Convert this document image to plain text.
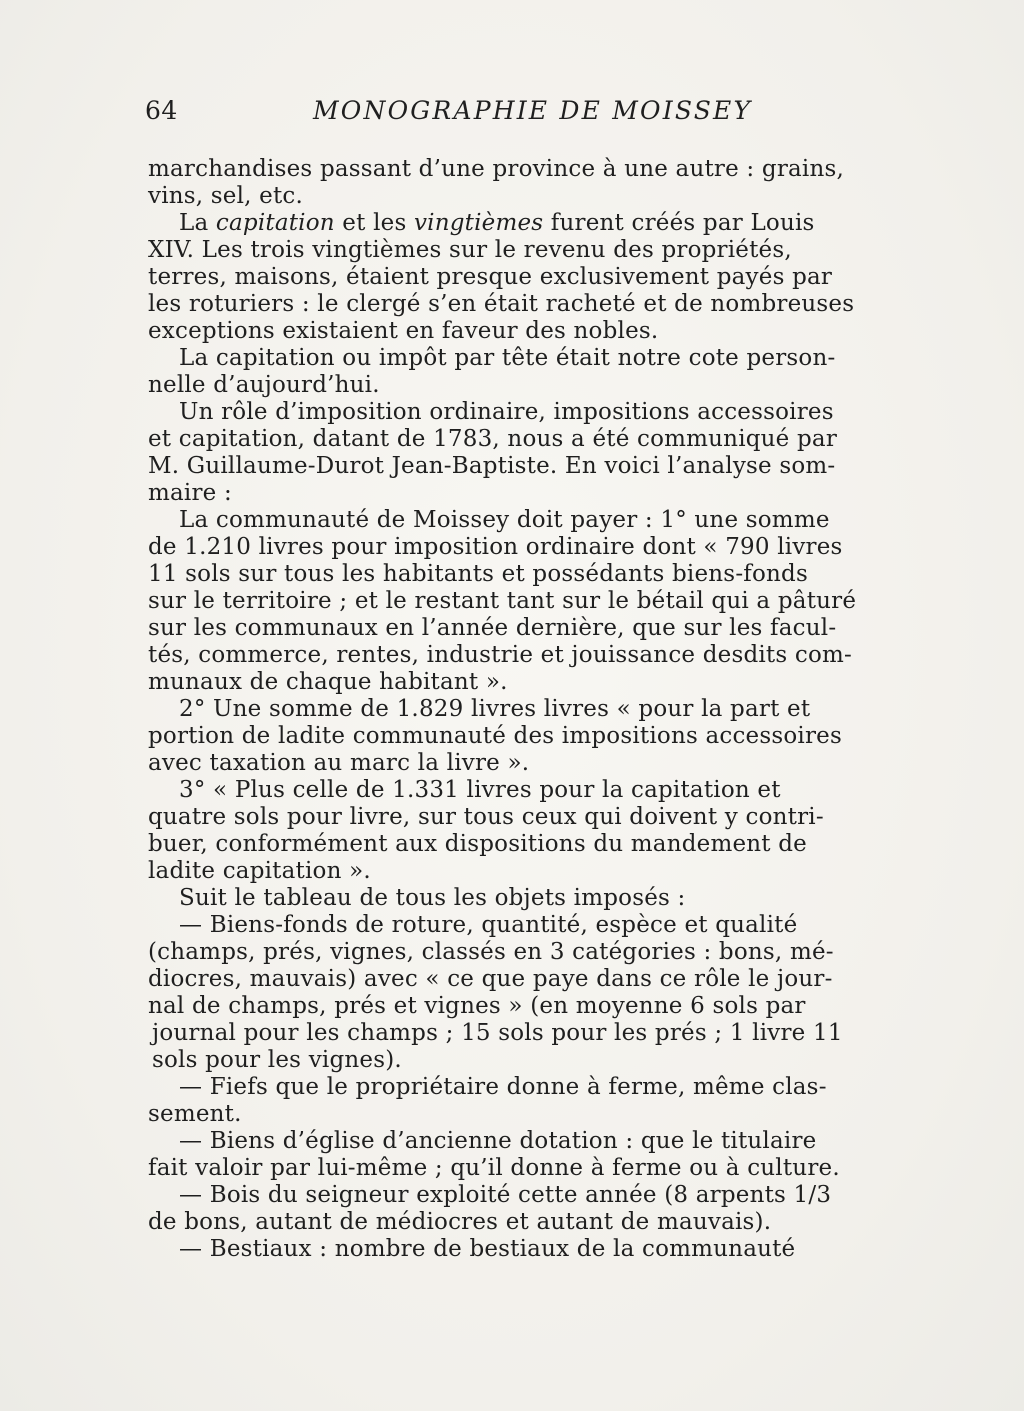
64	MONOGRAPHIE DE MOISSEY
marchandises passant d’une province à une autre : grains,
vins, sel, etc.
La capitation et les vingtièmes furent créés par Louis
XIV. Les trois vingtièmes sur le revenu des propriétés,
terres, maisons, étaient presque exclusivement payés par
les roturiers : le clergé s’en était racheté et de nombreuses
exceptions existaient en faveur des nobles.
La capitation ou impôt par tête était notre cote person-
nelle d’aujourd’hui.
Un rôle d’imposition ordinaire, impositions accessoires
et capitation, datant de 1783, nous a été communiqué par
M. Guillaume-Durot Jean-Baptiste. En voici l’analyse som-
maire :
La communauté de Moissey doit payer : 1° une somme
de 1.210 livres pour imposition ordinaire dont « 790 livres
11 sols sur tous les habitants et possédants biens-fonds
sur le territoire ; et le restant tant sur le bétail qui a pâturé
sur les communaux en l’année dernière, que sur les facul-
tés, commerce, rentes, industrie et jouissance desdits com-
munaux de chaque habitant ».
2° Une somme de 1.829 livres livres « pour la part et
portion de ladite communauté des impositions accessoires
avec taxation au marc la livre ».
3° « Plus celle de 1.331 livres pour la capitation et
quatre sols pour livre, sur tous ceux qui doivent y contri-
buer, conformément aux dispositions du mandement de
ladite capitation ».
Suit le tableau de tous les objets imposés :
— Biens-fonds de roture, quantité, espèce et qualité
(champs, prés, vignes, classés en 3 catégories : bons, mé-
diocres, mauvais) avec « ce que paye dans ce rôle le jour-
nal de champs, prés et vignes » (en moyenne 6 sols par
journal pour les champs ; 15 sols pour les prés ; 1 livre 11
sols pour les vignes).
— Fiefs que le propriétaire donne à ferme, même clas-
sement.
— Biens d’église d’ancienne dotation : que le titulaire
fait valoir par lui-même ; qu’il donne à ferme ou à culture.
— Bois du seigneur exploité cette année (8 arpents 1/3
de bons, autant de médiocres et autant de mauvais).
— Bestiaux : nombre de bestiaux de la communauté
